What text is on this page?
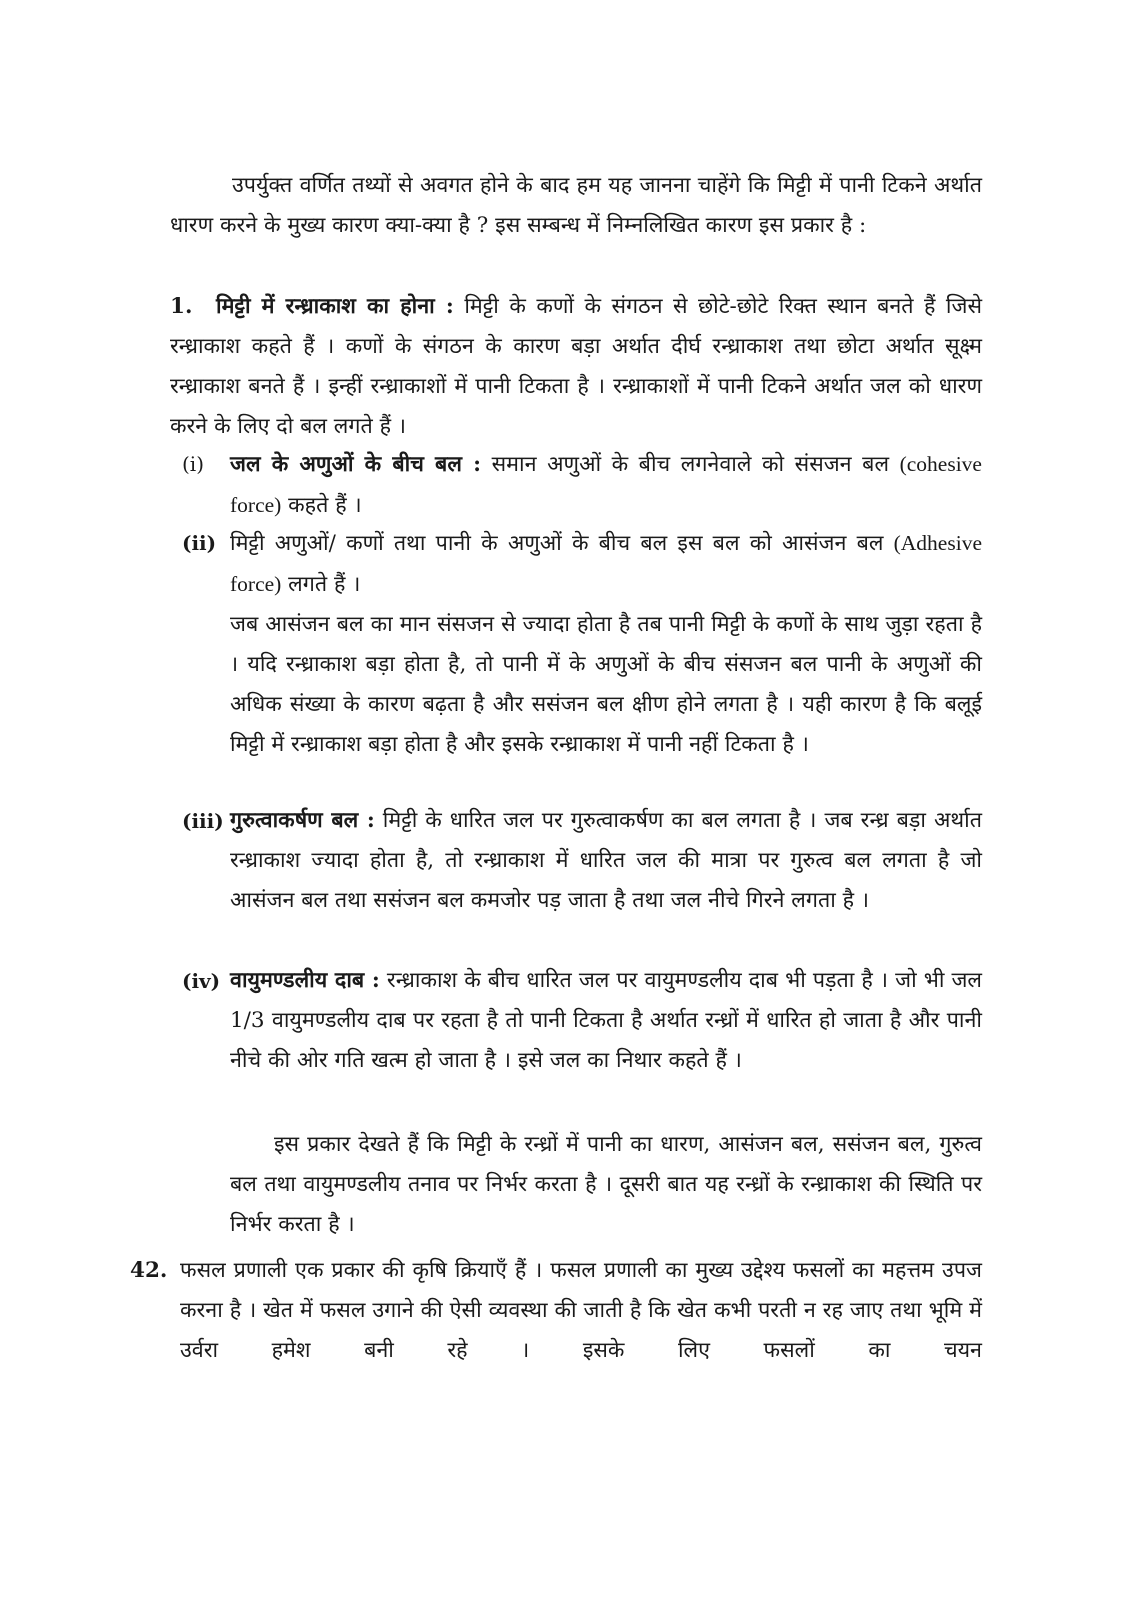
उपर्युक्त वर्णित तथ्यों से अवगत होने के बाद हम यह जानना चाहेंगे कि मिट्टी में पानी टिकने अर्थात धारण करने के मुख्य कारण क्या-क्या है ? इस सम्बन्ध में निम्नलिखित कारण इस प्रकार है :

1. मिट्टी में रन्ध्राकाश का होना : मिट्टी के कणों के संगठन से छोटे-छोटे रिक्त स्थान बनते हैं जिसे रन्ध्राकाश कहते हैं । कणों के संगठन के कारण बड़ा अर्थात दीर्घ रन्ध्राकाश तथा छोटा अर्थात सूक्ष्म रन्ध्राकाश बनते हैं । इन्हीं रन्ध्राकाशों में पानी टिकता है । रन्ध्राकाशों में पानी टिकने अर्थात जल को धारण करने के लिए दो बल लगते हैं ।

(i) जल के अणुओं के बीच बल : समान अणुओं के बीच लगनेवाले को संसजन बल (cohesive force) कहते हैं ।

(ii) मिट्टी अणुओं/ कणों तथा पानी के अणुओं के बीच बल इस बल को आसंजन बल (Adhesive force) लगते हैं ।

जब आसंजन बल का मान संसजन से ज्यादा होता है तब पानी मिट्टी के कणों के साथ जुड़ा रहता है । यदि रन्ध्राकाश बड़ा होता है, तो पानी में के अणुओं के बीच संसजन बल पानी के अणुओं की अधिक संख्या के कारण बढ़ता है और ससंजन बल क्षीण होने लगता है । यही कारण है कि बलूई मिट्टी में रन्ध्राकाश बड़ा होता है और इसके रन्ध्राकाश में पानी नहीं टिकता है ।

(iii) गुरुत्वाकर्षण बल : मिट्टी के धारित जल पर गुरुत्वाकर्षण का बल लगता है । जब रन्ध्र बड़ा अर्थात रन्ध्राकाश ज्यादा होता है, तो रन्ध्राकाश में धारित जल की मात्रा पर गुरुत्व बल लगता है जो आसंजन बल तथा ससंजन बल कमजोर पड़ जाता है तथा जल नीचे गिरने लगता है ।

(iv) वायुमण्डलीय दाब : रन्ध्राकाश के बीच धारित जल पर वायुमण्डलीय दाब भी पड़ता है । जो भी जल 1/3 वायुमण्डलीय दाब पर रहता है तो पानी टिकता है अर्थात रन्ध्रों में धारित हो जाता है और पानी नीचे की ओर गति खत्म हो जाता है । इसे जल का निथार कहते हैं ।

इस प्रकार देखते हैं कि मिट्टी के रन्ध्रों में पानी का धारण, आसंजन बल, ससंजन बल, गुरुत्व बल तथा वायुमण्डलीय तनाव पर निर्भर करता है । दूसरी बात यह रन्ध्रों के रन्ध्राकाश की स्थिति पर निर्भर करता है ।

42. फसल प्रणाली एक प्रकार की कृषि क्रियाएँ हैं । फसल प्रणाली का मुख्य उद्देश्य फसलों का महत्तम उपज करना है । खेत में फसल उगाने की ऐसी व्यवस्था की जाती है कि खेत कभी परती न रह जाए तथा भूमि में उर्वरा हमेश बनी रहे । इसके लिए फसलों का चयन
